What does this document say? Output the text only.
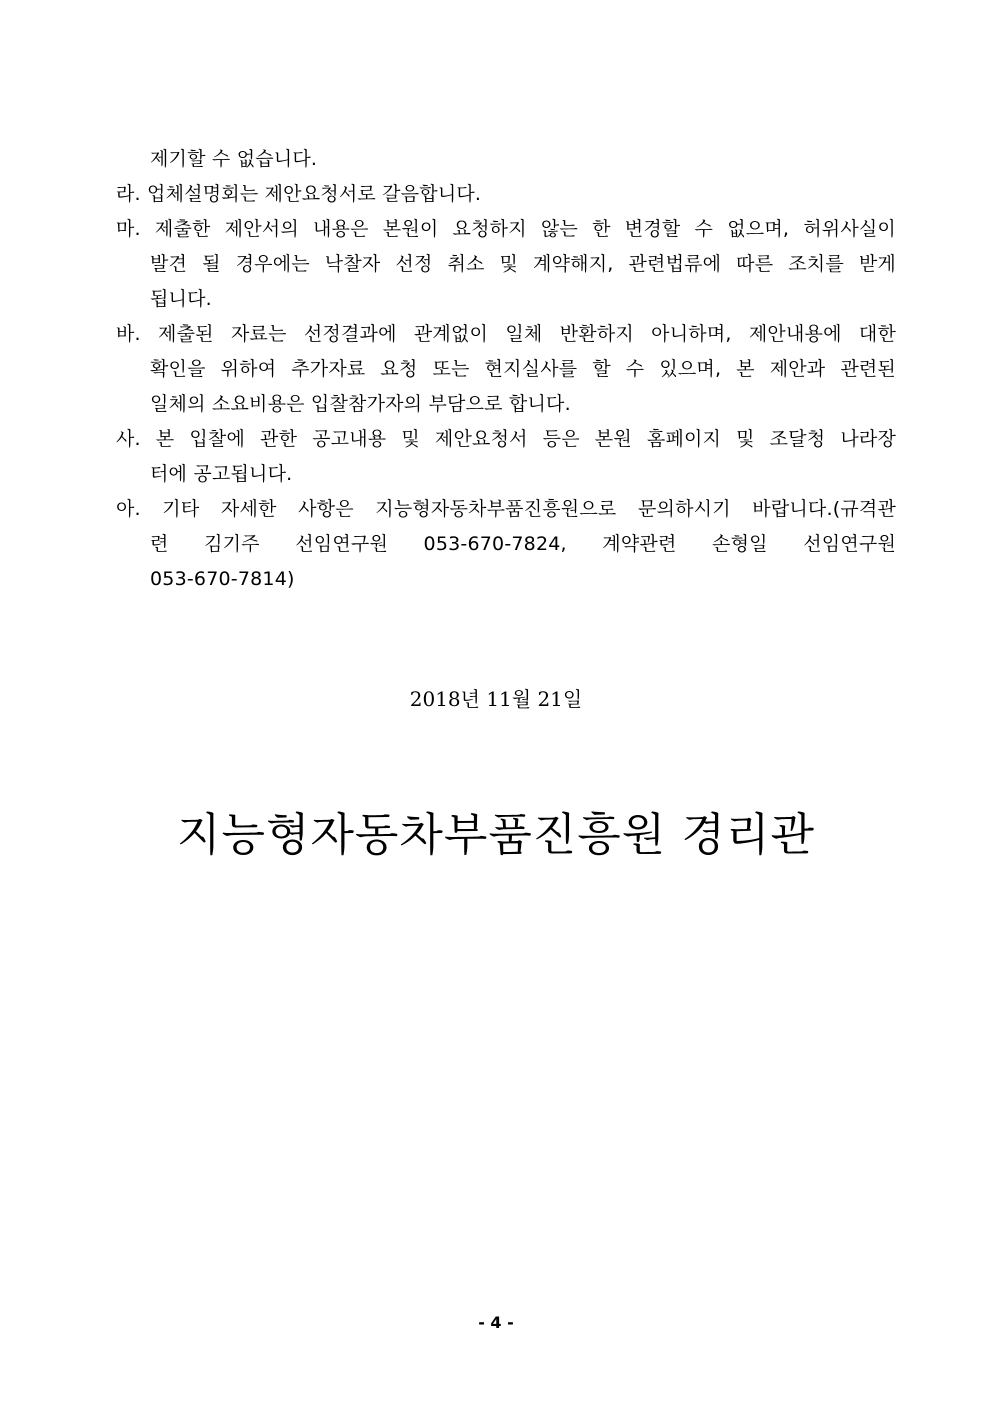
제기할 수 없습니다.
라. 업체설명회는 제안요청서로 갈음합니다.
마. 제출한 제안서의 내용은 본원이 요청하지 않는 한 변경할 수 없으며, 허위사실이
발견 될 경우에는 낙찰자 선정 취소 및 계약해지, 관련법류에 따른 조치를 받게
됩니다.
바. 제출된 자료는 선정결과에 관계없이 일체 반환하지 아니하며, 제안내용에 대한
확인을 위하여 추가자료 요청 또는 현지실사를 할 수 있으며, 본 제안과 관련된
일체의 소요비용은 입찰참가자의 부담으로 합니다.
사. 본 입찰에 관한 공고내용 및 제안요청서 등은 본원 홈페이지 및 조달청 나라장
터에 공고됩니다.
아. 기타 자세한 사항은 지능형자동차부품진흥원으로 문의하시기 바랍니다.(규격관
련 김기주 선임연구원 053-670-7824, 계약관련 손형일 선임연구원
053-670-7814)
2018년 11월 21일
지능형자동차부품진흥원 경리관
- 4 -
